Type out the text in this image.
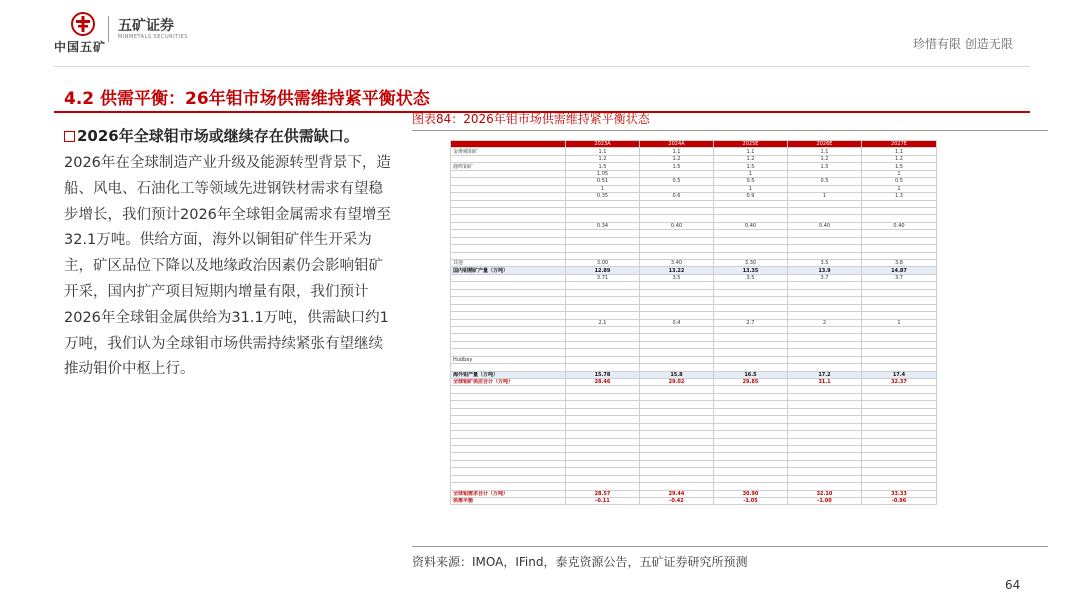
中国五矿
五矿证券
MINMETALS SECURITIES	珍惜有限 创造无限
4.2 供需平衡：26年钼市场供需维持紧平衡状态
2026年全球钼市场或继续存在供需缺口。
2026年在全球制造产业升级及能源转型背景下，造船、风电、石油化工等领域先进钢铁材需求有望稳步增长，我们预计2026年全球钼金属需求有望增至32.1万吨。供给方面，海外以铜钼矿伴生开采为主，矿区品位下降以及地缘政治因素仍会影响钼矿开采，国内扩产项目短期内增量有限，我们预计2026年全球钼金属供给为31.1万吨，供需缺口约1万吨，我们认为全球钼市场供需持续紧张有望继续推动钼价中枢上行。
图表84：2026年钼市场供需维持紧平衡状态
	2023A	2024A	2025E	2026E	2027E
金堆城钼矿	1.1	1.1	1.1	1.1	1.1
	1.2	1.2	1.2	1.2	1.2
鹿鸣钼矿	1.5	1.5	1.5	1.5	1.5
	1.05		1		1
	0.51	0.5	0.5	0.5	0.5
	1		1		1
	0.35	0.6	0.9	1	1.3

	0.34	0.40	0.40	0.40	0.40

其他	3.00	3.40	3.30	3.5	3.8
国内钼精矿产量（万吨）	12.89	13.22	13.35	13.9	14.87
	3.71	3.5	3.5	3.7	3.7

	2.1	0.4	2.7	2	1

Hudbay					

海外钼产量（万吨）	15.78	15.8	16.5	17.2	17.4
全球钼矿供应合计（万吨）	28.46	29.02	29.85	31.1	32.37

全球钼需求合计（万吨）	28.57	29.44	30.90	32.10	33.33
供需平衡	-0.11	-0.42	-1.05	-1.00	-0.96
资料来源：IMOA，IFind，泰克资源公告，五矿证券研究所预测
64
